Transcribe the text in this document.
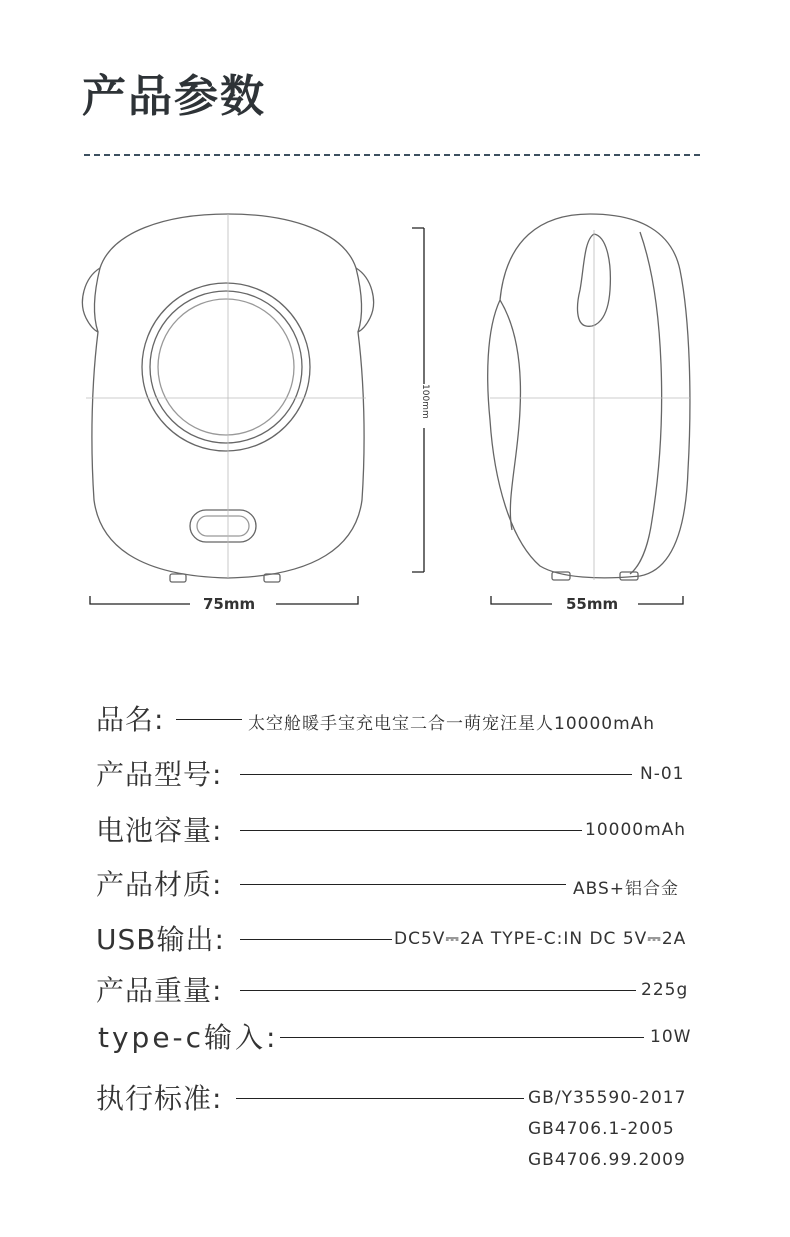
产品参数
75mm	55mm
100mm
品名:	太空舱暖手宝充电宝二合一萌宠汪星人10000mAh
产品型号:	N-01
电池容量:	10000mAh
产品材质:	ABS+铝合金
USB输出:	DC5V⎓2A TYPE-C:IN DC 5V⎓2A
产品重量:	225g
type-c输入:	10W
执行标准:	GB/Y35590-2017
GB4706.1-2005
GB4706.99.2009
